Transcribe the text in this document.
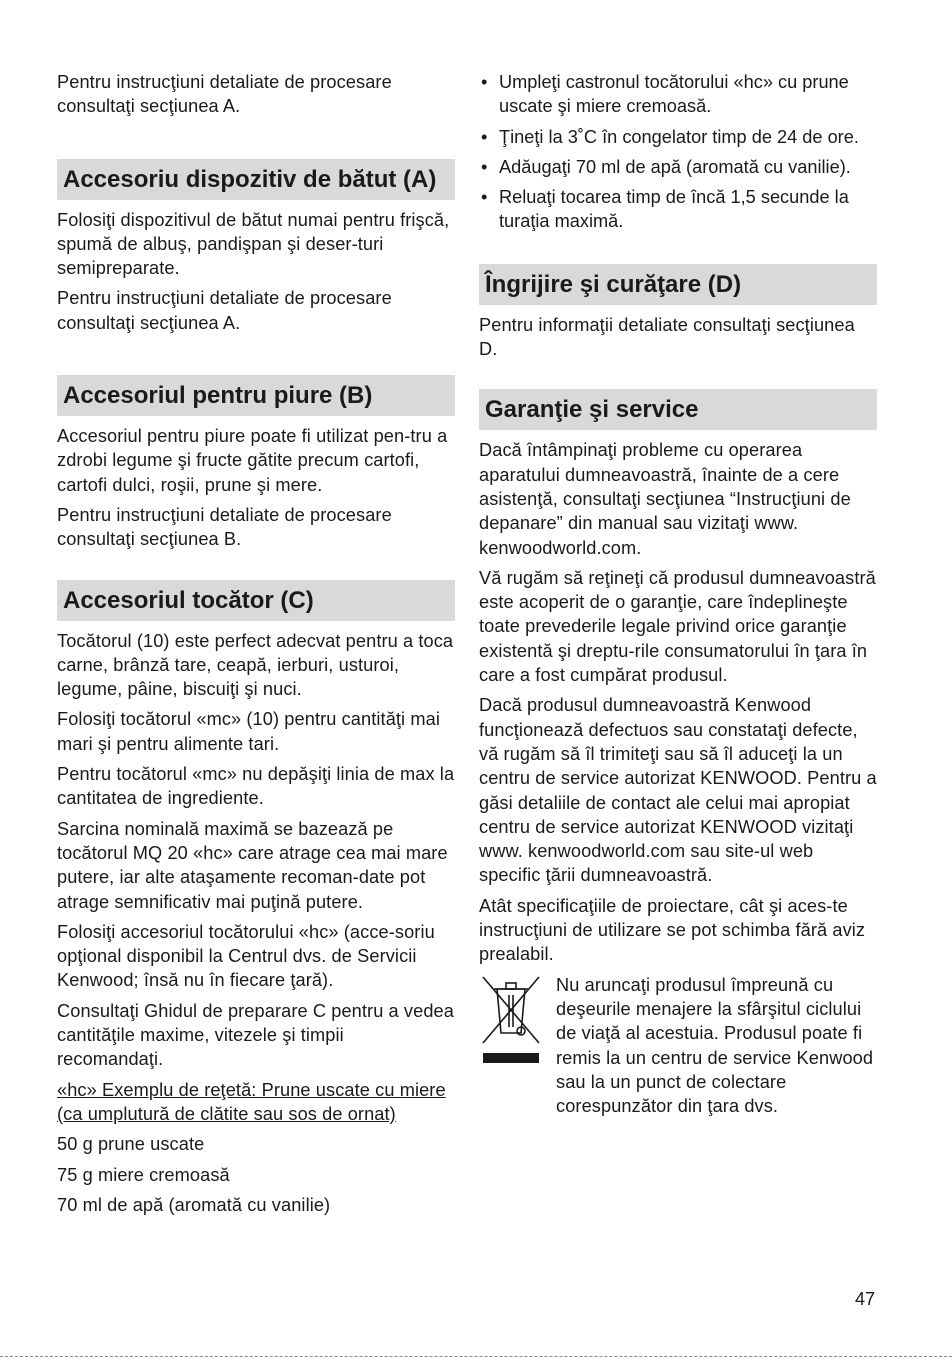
Pentru instrucţiuni detaliate de procesare consultaţi secţiunea A.

Accesoriu dispozitiv de bătut (A)

Folosiţi dispozitivul de bătut numai pentru frişcă, spumă de albuş, pandişpan şi deser-turi semipreparate.

Pentru instrucţiuni detaliate de procesare consultaţi secţiunea A.

Accesoriul pentru piure (B)

Accesoriul pentru piure poate fi utilizat pen-tru a zdrobi legume şi fructe gătite precum cartofi, cartofi dulci, roşii, prune şi mere.

Pentru instrucţiuni detaliate de procesare consultaţi secţiunea B.

Accesoriul tocător (C)

Tocătorul (10) este perfect adecvat pentru a toca carne, brânză tare, ceapă, ierburi, usturoi, legume, pâine, biscuiţi şi nuci.

Folosiţi tocătorul «mc» (10) pentru cantităţi mai mari şi pentru alimente tari.

Pentru tocătorul «mc» nu depăşiţi linia de max la cantitatea de ingrediente.

Sarcina nominală maximă se bazează pe tocătorul MQ 20 «hc» care atrage cea mai mare putere, iar alte ataşamente recoman-date pot atrage semnificativ mai puţină putere.

Folosiţi accesoriul tocătorului «hc» (acce-soriu opţional disponibil la Centrul dvs. de Servicii Kenwood; însă nu în fiecare ţară).

Consultaţi Ghidul de preparare C pentru a vedea cantităţile maxime, vitezele şi timpii recomandaţi.

«hc» Exemplu de reţetă: Prune uscate cu miere (ca umplutură de clătite sau sos de ornat)

50 g prune uscate

75 g miere cremoasă

70 ml de apă (aromată cu vanilie)

• Umpleţi castronul tocătorului «hc» cu prune uscate şi miere cremoasă.
• Ţineţi la 3˚C în congelator timp de 24 de ore.
• Adăugaţi 70 ml de apă (aromată cu vanilie).
• Reluaţi tocarea timp de încă 1,5 secunde la turaţia maximă.
Îngrijire şi curăţare (D)

Pentru informaţii detaliate consultaţi secţiunea D.

Garanţie şi service

Dacă întâmpinaţi probleme cu operarea aparatului dumneavoastră, înainte de a cere asistenţă, consultaţi secţiunea “Instrucţiuni de depanare” din manual sau vizitaţi www. kenwoodworld.com.

Vă rugăm să reţineţi că produsul dumneavoastră este acoperit de o garanţie, care îndeplineşte toate prevederile legale privind orice garanţie existentă şi dreptu-rile consumatorului în ţara în care a fost cumpărat produsul.

Dacă produsul dumneavoastră Kenwood funcţionează defectuos sau constataţi defecte, vă rugăm să îl trimiteţi sau să îl aduceţi la un centru de service autorizat KENWOOD. Pentru a găsi detaliile de contact ale celui mai apropiat centru de service autorizat KENWOOD vizitaţi www. kenwoodworld.com sau site-ul web specific ţării dumneavoastră.

Atât specificaţiile de proiectare, cât şi aces-te instrucţiuni de utilizare se pot schimba fără aviz prealabil.

Nu aruncaţi produsul împreună cu deşeurile menajere la sfârşitul ciclului de viaţă al acestuia. Produsul poate fi remis la un centru de service Kenwood sau la un punct de colectare corespunzător din ţara dvs.

47
